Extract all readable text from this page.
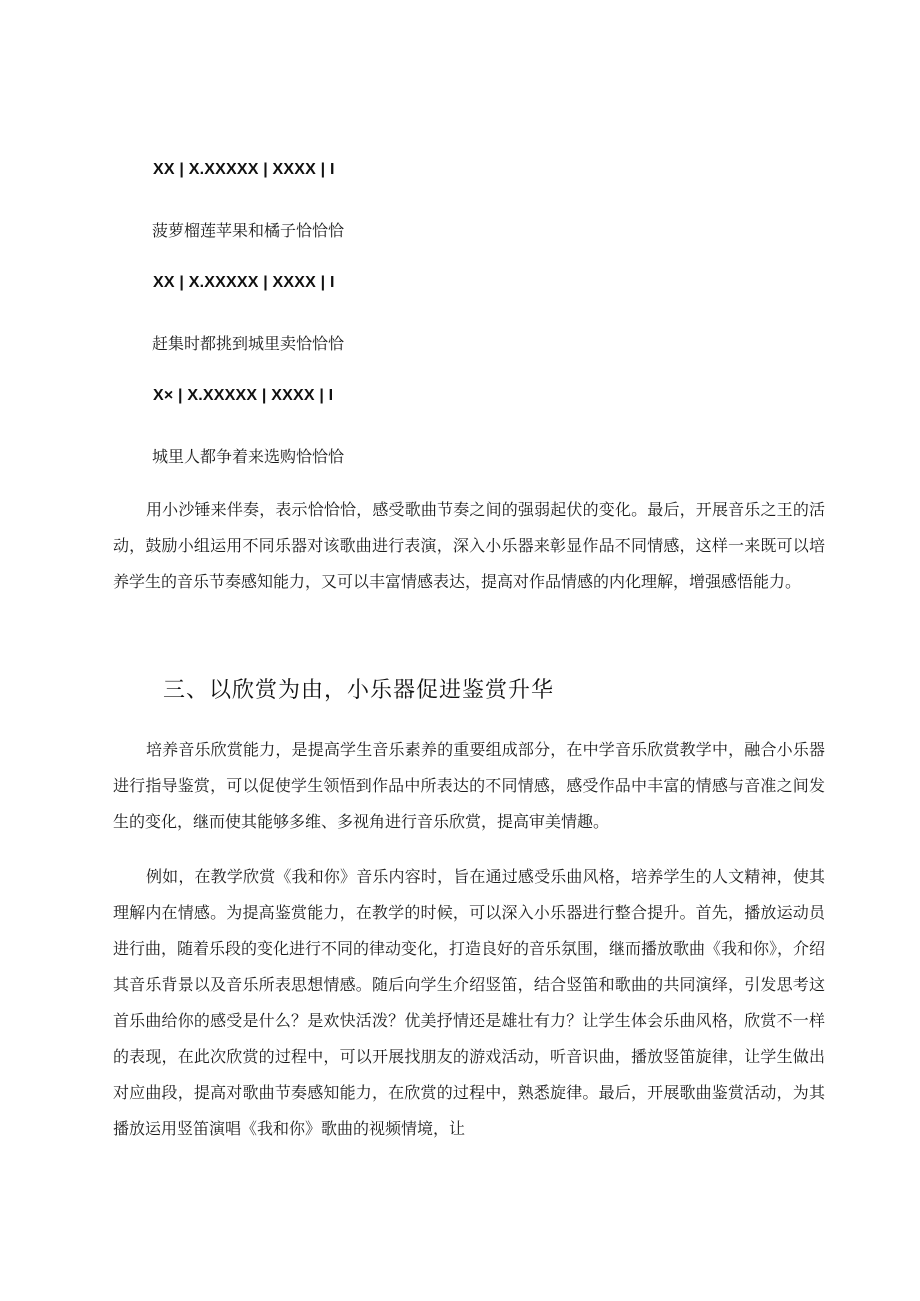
XX | X.XXXXX | XXXX | I
菠萝榴莲苹果和橘子恰恰恰
XX | X.XXXXX | XXXX | I
赶集时都挑到城里卖恰恰恰
X× | X.XXXXX | XXXX | I
城里人都争着来选购恰恰恰

用小沙锤来伴奏，表示恰恰恰，感受歌曲节奏之间的强弱起伏的变化。最后，开展音乐之王的活动，鼓励小组运用不同乐器对该歌曲进行表演，深入小乐器来彰显作品不同情感，这样一来既可以培养学生的音乐节奏感知能力，又可以丰富情感表达，提高对作品情感的内化理解，增强感悟能力。

三、以欣赏为由，小乐器促进鉴赏升华

培养音乐欣赏能力，是提高学生音乐素养的重要组成部分，在中学音乐欣赏教学中，融合小乐器进行指导鉴赏，可以促使学生领悟到作品中所表达的不同情感，感受作品中丰富的情感与音准之间发生的变化，继而使其能够多维、多视角进行音乐欣赏，提高审美情趣。

例如，在教学欣赏《我和你》音乐内容时，旨在通过感受乐曲风格，培养学生的人文精神，使其理解内在情感。为提高鉴赏能力，在教学的时候，可以深入小乐器进行整合提升。首先，播放运动员进行曲，随着乐段的变化进行不同的律动变化，打造良好的音乐氛围，继而播放歌曲《我和你》，介绍其音乐背景以及音乐所表思想情感。随后向学生介绍竖笛，结合竖笛和歌曲的共同演绎，引发思考这首乐曲给你的感受是什么？是欢快活泼？优美抒情还是雄壮有力？让学生体会乐曲风格，欣赏不一样的表现，在此次欣赏的过程中，可以开展找朋友的游戏活动，听音识曲，播放竖笛旋律，让学生做出对应曲段，提高对歌曲节奏感知能力，在欣赏的过程中，熟悉旋律。最后，开展歌曲鉴赏活动，为其播放运用竖笛演唱《我和你》歌曲的视频情境，让
